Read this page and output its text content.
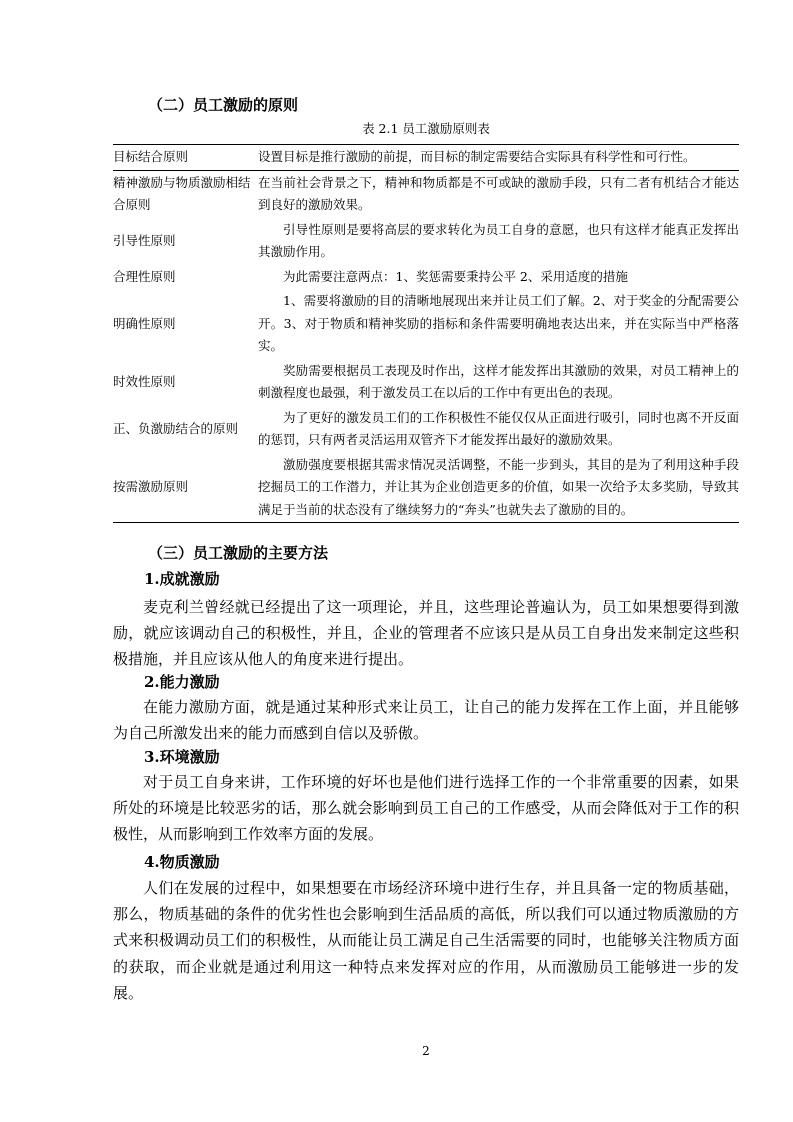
（二）员工激励的原则
表 2.1 员工激励原则表
目标结合原则	设置目标是推行激励的前提，而目标的制定需要结合实际具有科学性和可行性。
精神激励与物质激励相结合原则	在当前社会背景之下，精神和物质都是不可或缺的激励手段，只有二者有机结合才能达到良好的激励效果。
引导性原则	引导性原则是要将高层的要求转化为员工自身的意愿，也只有这样才能真正发挥出其激励作用。
合理性原则	为此需要注意两点：1、奖惩需要秉持公平 2、采用适度的措施
明确性原则	1、需要将激励的目的清晰地展现出来并让员工们了解。2、对于奖金的分配需要公开。3、对于物质和精神奖励的指标和条件需要明确地表达出来，并在实际当中严格落实。
时效性原则	奖励需要根据员工表现及时作出，这样才能发挥出其激励的效果，对员工精神上的刺激程度也最强，利于激发员工在以后的工作中有更出色的表现。
正、负激励结合的原则	为了更好的激发员工们的工作积极性不能仅仅从正面进行吸引，同时也离不开反面的惩罚，只有两者灵活运用双管齐下才能发挥出最好的激励效果。
按需激励原则	激励强度要根据其需求情况灵活调整，不能一步到头，其目的是为了利用这种手段挖掘员工的工作潜力，并让其为企业创造更多的价值，如果一次给予太多奖励，导致其满足于当前的状态没有了继续努力的“奔头”也就失去了激励的目的。
（三）员工激励的主要方法
1.成就激励
麦克利兰曾经就已经提出了这一项理论，并且，这些理论普遍认为，员工如果想要得到激励，就应该调动自己的积极性，并且，企业的管理者不应该只是从员工自身出发来制定这些积极措施，并且应该从他人的角度来进行提出。
2.能力激励
在能力激励方面，就是通过某种形式来让员工，让自己的能力发挥在工作上面，并且能够为自己所激发出来的能力而感到自信以及骄傲。
3.环境激励
对于员工自身来讲，工作环境的好坏也是他们进行选择工作的一个非常重要的因素，如果所处的环境是比较恶劣的话，那么就会影响到员工自己的工作感受，从而会降低对于工作的积极性，从而影响到工作效率方面的发展。
4.物质激励
人们在发展的过程中，如果想要在市场经济环境中进行生存，并且具备一定的物质基础，那么，物质基础的条件的优劣性也会影响到生活品质的高低，所以我们可以通过物质激励的方式来积极调动员工们的积极性，从而能让员工满足自己生活需要的同时，也能够关注物质方面的获取，而企业就是通过利用这一种特点来发挥对应的作用，从而激励员工能够进一步的发展。
2
